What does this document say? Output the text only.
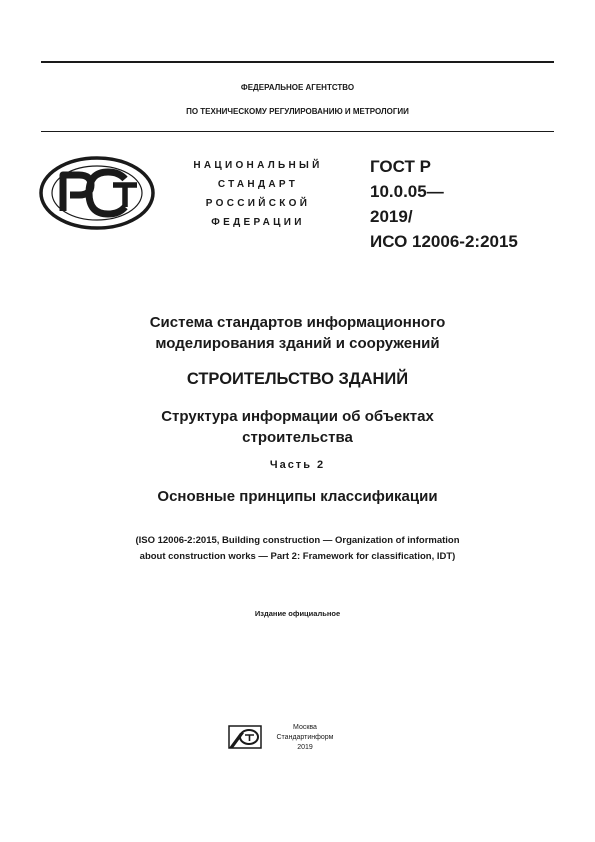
ФЕДЕРАЛЬНОЕ АГЕНТСТВО
ПО ТЕХНИЧЕСКОМУ РЕГУЛИРОВАНИЮ И МЕТРОЛОГИИ
НАЦИОНАЛЬНЫЙ
СТАНДАРТ
РОССИЙСКОЙ
ФЕДЕРАЦИИ
ГОСТ Р
10.0.05—
2019/
ИСО 12006-2:2015
Система стандартов информационного
моделирования зданий и сооружений
СТРОИТЕЛЬСТВО ЗДАНИЙ
Структура информации об объектах
строительства
Часть 2
Основные принципы классификации
(ISO 12006-2:2015, Building construction — Organization of information
about construction works — Part 2: Framework for classification, IDT)
Издание официальное
Москва
Стандартинформ
2019
